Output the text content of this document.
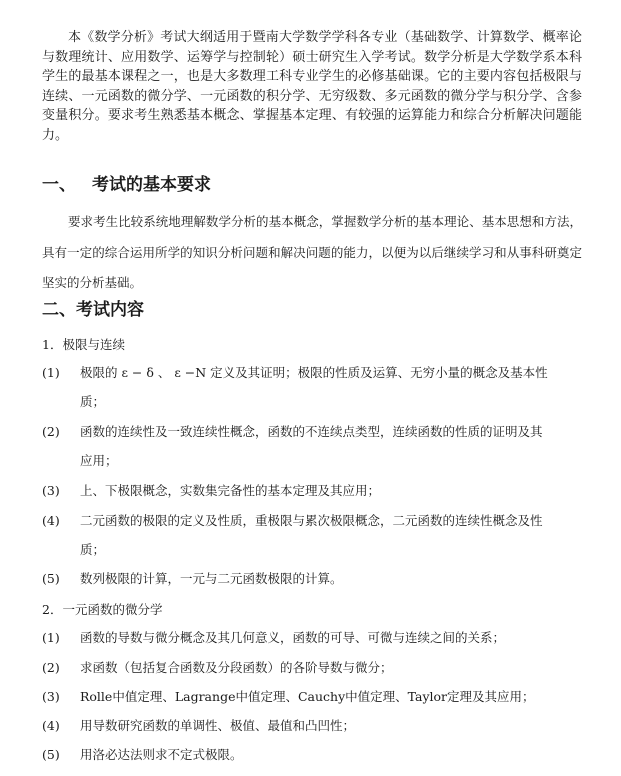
本《数学分析》考试大纲适用于暨南大学数学学科各专业（基础数学、计算数学、概率论与数理统计、应用数学、运筹学与控制轮）硕士研究生入学考试。数学分析是大学数学系本科学生的最基本课程之一，也是大多数理工科专业学生的必修基础课。它的主要内容包括极限与连续、一元函数的微分学、一元函数的积分学、无穷级数、多元函数的微分学与积分学、含参变量积分。要求考生熟悉基本概念、掌握基本定理、有较强的运算能力和综合分析解决问题能力。

一、 考试的基本要求

要求考生比较系统地理解数学分析的基本概念，掌握数学分析的基本理论、基本思想和方法，具有一定的综合运用所学的知识分析问题和解决问题的能力，以便为以后继续学习和从事科研奠定坚实的分析基础。

二、考试内容

1．极限与连续

(1) 极限的 ε − δ 、 ε −N 定义及其证明；极限的性质及运算、无穷小量的概念及基本性

质；

(2) 函数的连续性及一致连续性概念，函数的不连续点类型，连续函数的性质的证明及其

应用；

(3) 上、下极限概念，实数集完备性的基本定理及其应用；

(4) 二元函数的极限的定义及性质，重极限与累次极限概念，二元函数的连续性概念及性

质；

(5) 数列极限的计算，一元与二元函数极限的计算。

2．一元函数的微分学

(1) 函数的导数与微分概念及其几何意义，函数的可导、可微与连续之间的关系；

(2) 求函数（包括复合函数及分段函数）的各阶导数与微分；

(3) Rolle中值定理、Lagrange中值定理、Cauchy中值定理、Taylor定理及其应用；

(4) 用导数研究函数的单调性、极值、最值和凸凹性；

(5) 用洛必达法则求不定式极限。
